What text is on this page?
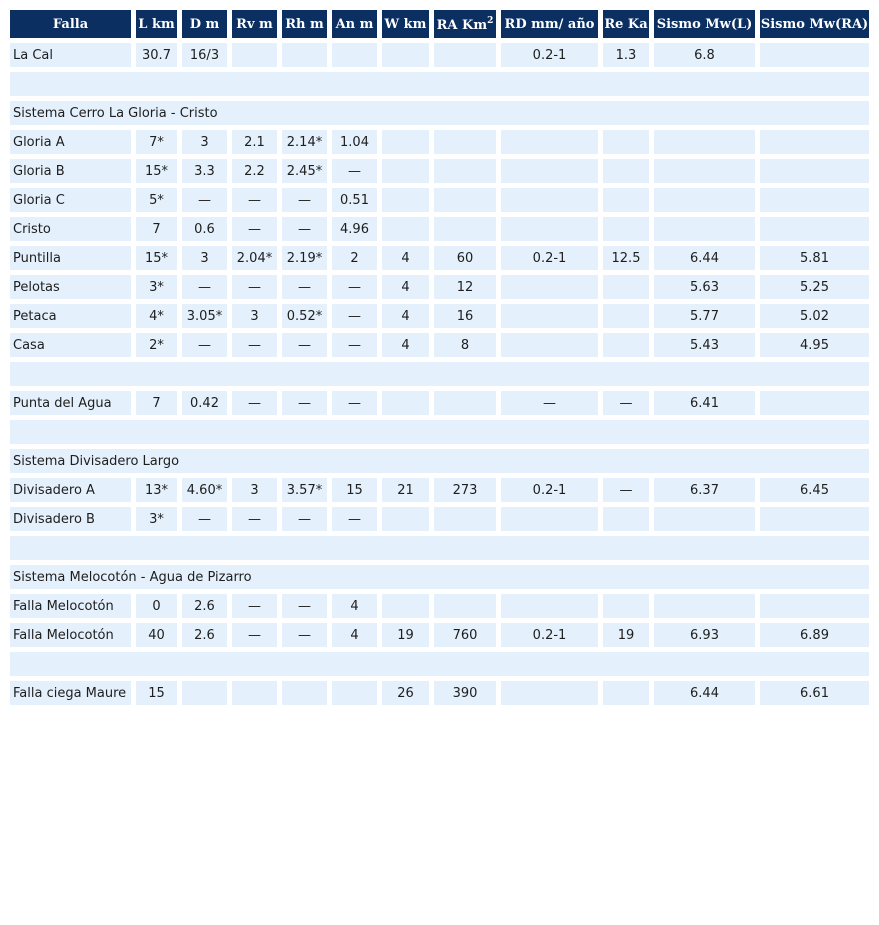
Falla	L km	D m	Rv m	Rh m	An m	W km	RA Km$^2$	RD mm/ año	Re Ka	Sismo Mw(L)	Sismo Mw(RA)
La Cal	30.7	16/3						0.2-1	1.3	6.8	

Sistema Cerro La Gloria - Cristo											
Gloria A	7*	3	2.1	2.14*	1.04						
Gloria B	15*	3.3	2.2	2.45*	—						
Gloria C	5*	—	—	—	0.51						
Cristo	7	0.6	—	—	4.96						
Puntilla	15*	3	2.04*	2.19*	2	4	60	0.2-1	12.5	6.44	5.81
Pelotas	3*	—	—	—	—	4	12			5.63	5.25
Petaca	4*	3.05*	3	0.52*	—	4	16			5.77	5.02
Casa	2*	—	—	—	—	4	8			5.43	4.95

Punta del Agua	7	0.42	—	—	—			—	—	6.41	

Sistema Divisadero Largo											
Divisadero A	13*	4.60*	3	3.57*	15	21	273	0.2-1	—	6.37	6.45
Divisadero B	3*	—	—	—	—						

Sistema Melocotón - Agua de Pizarro											
Falla Melocotón	0	2.6	—	—	4						
Falla Melocotón	40	2.6	—	—	4	19	760	0.2-1	19	6.93	6.89

Falla ciega Maure	15					26	390			6.44	6.61
